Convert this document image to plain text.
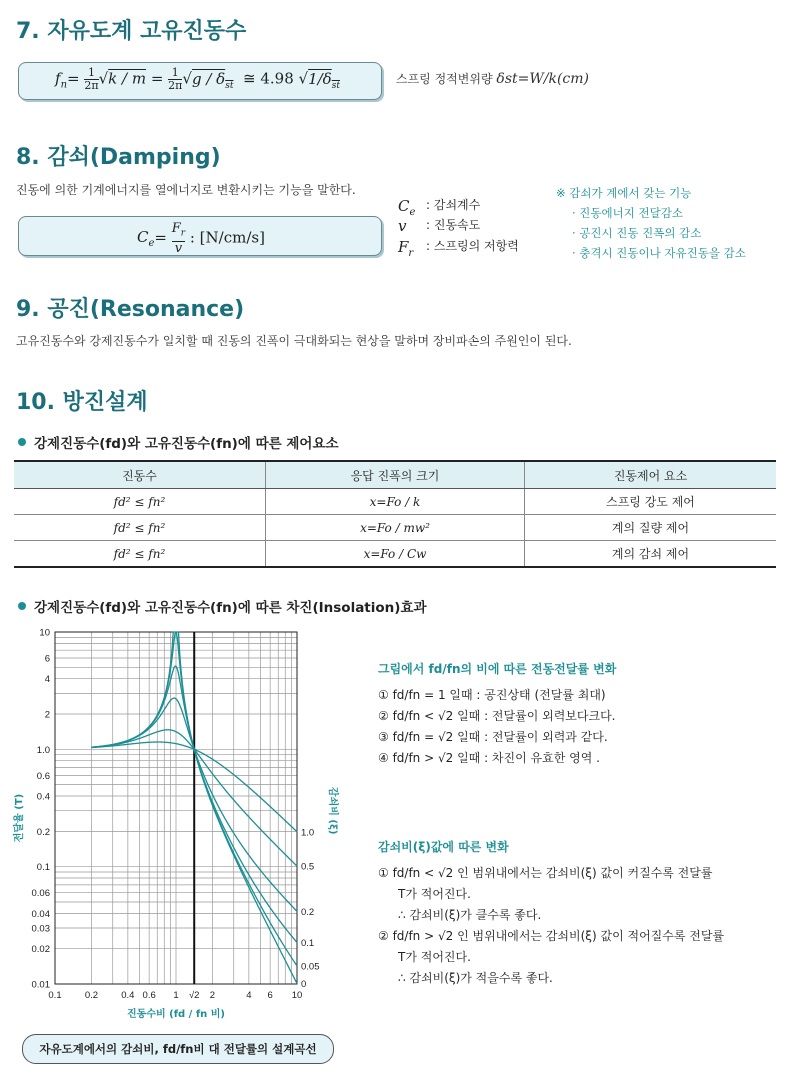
7. 자유도계 고유진동수
$f_n= 1$

2π √k / m = 1

2π $√g / \delta_{st}$ ≅ 4.98 $√1/\delta_{st}$	스프링 정적변위량 δst=W/k(cm)
8. 감쇠(Damping)
진동에 의한 기계에너지를 열에너지로 변환시키는 기능을 말한다.
$C_e= F_r$

v
: [N/cm/s]
$C_e$
: 감쇠계수
v : 진동속도
$F_r$
: 스프링의 저항력
※ 감쇠가 계에서 갖는 기능
· 진동에너지 전달감소
· 공진시 진동 진폭의 감소
· 충격시 진동이나 자유진동을 감소
9. 공진(Resonance)
고유진동수와 강제진동수가 일치할 때 진동의 진폭이 극대화되는 현상을 말하며 장비파손의 주원인이 된다.
10. 방진설계
강제진동수(fd)와 고유진동수(fn)에 따른 제어요소
진동수	응답 진폭의 크기	진동제어 요소
fd² ≤ fn²	x=Fo / k	스프링 강도 제어
fd² ≤ fn²	x=Fo / mw²	계의 질량 제어
fd² ≤ fn²	x=Fo / Cw	계의 감쇠 제어
강제진동수(fd)와 고유진동수(fn)에 따른 차진(Insolation)효과
10
6
4
2
1.0
0.6
0.4
0.2
0.1
0.06
0.04
0.03
0.02
0.01
0.1 0.2 0.4 0.6 1 √2 2	4 6 10
진동수비 (fd / fn 비)
전달율 (T)	감쇠비 (ξ)
0
0.05
0.1
0.2
0.5
1.0
그림에서 fd/fn의 비에 따른 전동전달률 변화
① fd/fn = 1 일때 : 공진상태 (전달률 최대)
② fd/fn < √2 일때 : 전달률이 외력보다크다.
③ fd/fn = √2 일때 : 전달률이 외력과 같다.
④ fd/fn > √2 일때 : 차진이 유효한 영역 .
감쇠비(ξ)값에 따른 변화
① fd/fn < √2 인 범위내에서는 감쇠비(ξ) 값이 커질수록 전달률
T가 적어진다.
∴ 감쇠비(ξ)가 클수록 좋다.
② fd/fn > √2 인 범위내에서는 감쇠비(ξ) 값이 적어질수록 전달률
T가 적어진다.
∴ 감쇠비(ξ)가 적을수록 좋다.
자유도계에서의 감쇠비, fd/fn비 대 전달률의 설계곡선
